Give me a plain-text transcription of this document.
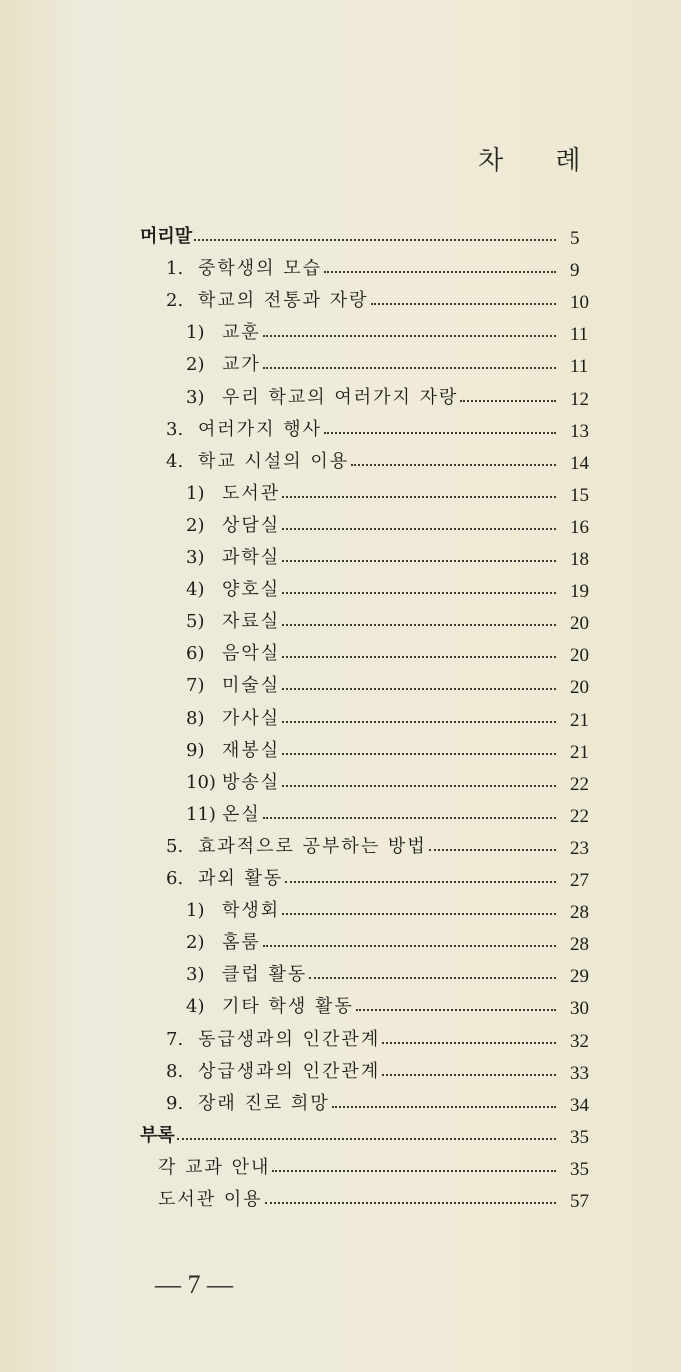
차 례
머리말	5
1. 중학생의 모습	9
2. 학교의 전통과 자랑	10
1) 교훈	11
2) 교가	11
3) 우리 학교의 여러가지 자랑	12
3. 여러가지 행사	13
4. 학교 시설의 이용	14
1) 도서관	15
2) 상담실	16
3) 과학실	18
4) 양호실	19
5) 자료실	20
6) 음악실	20
7) 미술실	20
8) 가사실	21
9) 재봉실	21
10) 방송실	22
11) 온실	22
5. 효과적으로 공부하는 방법	23
6. 과외 활동	27
1) 학생회	28
2) 홈룸	28
3) 클럽 활동	29
4) 기타 학생 활동	30
7. 동급생과의 인간관계	32
8. 상급생과의 인간관계	33
9. 장래 진로 희망	34
부록	35
각 교과 안내	35
도서관 이용	57
— 7 —
